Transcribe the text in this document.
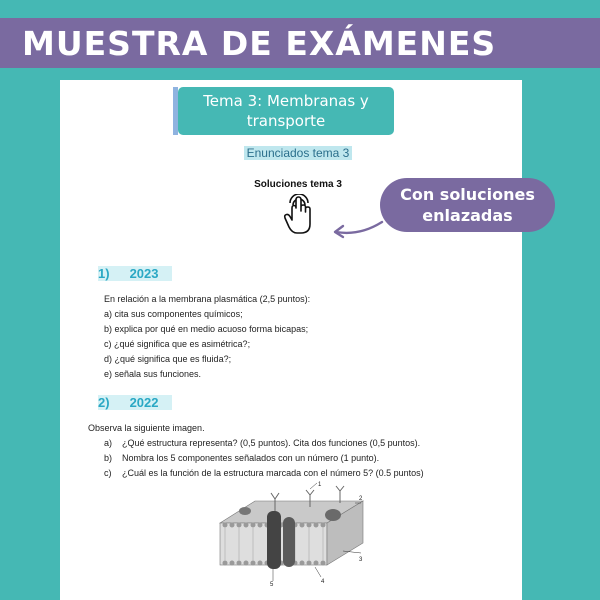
MUESTRA DE EXÁMENES
Tema 3: Membranas y transporte
Enunciados tema 3
Soluciones tema 3
1) 2023
En relación a la membrana plasmática (2,5 puntos):
a) cita sus componentes químicos;
b) explica por qué en medio acuoso forma bicapas;
c) ¿qué significa que es asimétrica?;
d) ¿qué significa que es fluida?;
e) señala sus funciones.
2) 2022
Observa la siguiente imagen.
a)	¿Qué estructura representa? (0,5 puntos). Cita dos funciones (0,5 puntos).
b)	Nombra los 5 componentes señalados con un número (1 punto).
c)	¿Cuál es la función de la estructura marcada con el número 5? (0.5 puntos)
1
2
3
4
5
Con soluciones enlazadas
